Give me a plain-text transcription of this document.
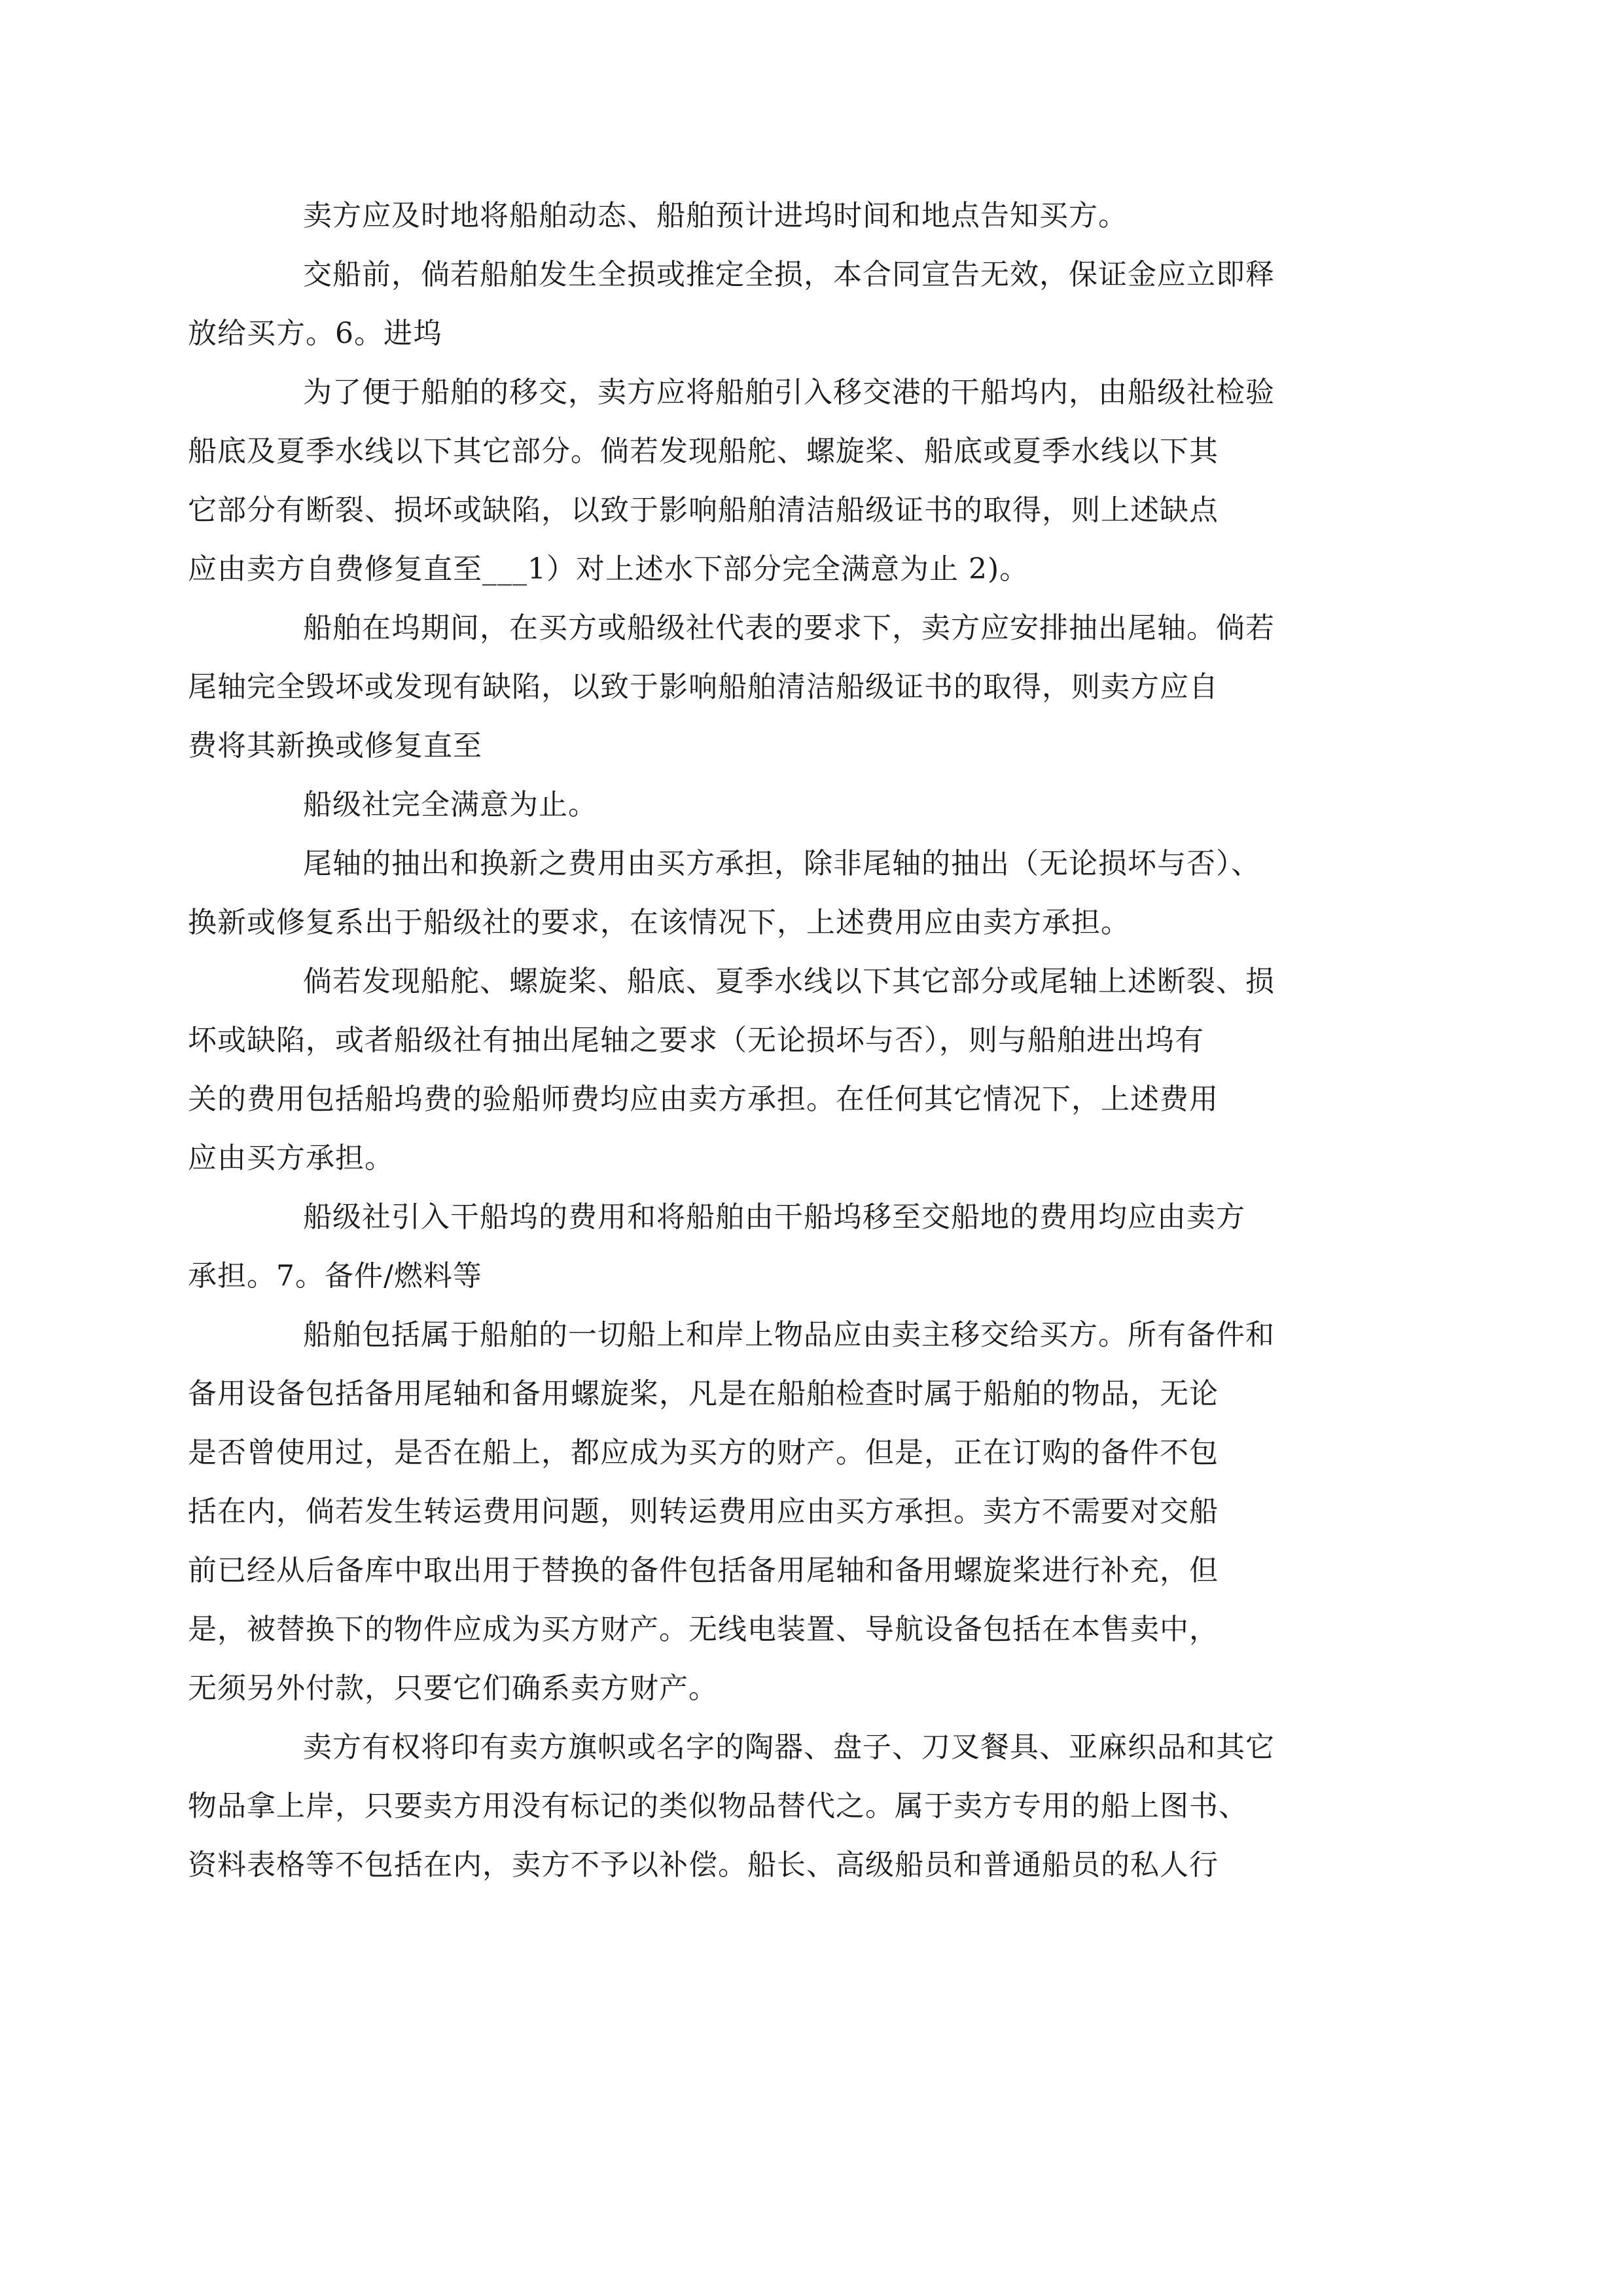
卖方应及时地将船舶动态、船舶预计进坞时间和地点告知买方。

交船前，倘若船舶发生全损或推定全损，本合同宣告无效，保证金应立即释
放给买方。6。进坞

为了便于船舶的移交，卖方应将船舶引入移交港的干船坞内，由船级社检验
船底及夏季水线以下其它部分。倘若发现船舵、螺旋桨、船底或夏季水线以下其
它部分有断裂、损坏或缺陷，以致于影响船舶清洁船级证书的取得，则上述缺点
应由卖方自费修复直至___1）对上述水下部分完全满意为止 2)。

船舶在坞期间，在买方或船级社代表的要求下，卖方应安排抽出尾轴。倘若
尾轴完全毁坏或发现有缺陷，以致于影响船舶清洁船级证书的取得，则卖方应自
费将其新换或修复直至

船级社完全满意为止。

尾轴的抽出和换新之费用由买方承担，除非尾轴的抽出（无论损坏与否）、
换新或修复系出于船级社的要求，在该情况下，上述费用应由卖方承担。

倘若发现船舵、螺旋桨、船底、夏季水线以下其它部分或尾轴上述断裂、损
坏或缺陷，或者船级社有抽出尾轴之要求（无论损坏与否），则与船舶进出坞有
关的费用包括船坞费的验船师费均应由卖方承担。在任何其它情况下，上述费用
应由买方承担。

船级社引入干船坞的费用和将船舶由干船坞移至交船地的费用均应由卖方
承担。7。备件/燃料等

船舶包括属于船舶的一切船上和岸上物品应由卖主移交给买方。所有备件和
备用设备包括备用尾轴和备用螺旋桨，凡是在船舶检查时属于船舶的物品，无论
是否曾使用过，是否在船上，都应成为买方的财产。但是，正在订购的备件不包
括在内，倘若发生转运费用问题，则转运费用应由买方承担。卖方不需要对交船
前已经从后备库中取出用于替换的备件包括备用尾轴和备用螺旋桨进行补充，但
是，被替换下的物件应成为买方财产。无线电装置、导航设备包括在本售卖中，
无须另外付款，只要它们确系卖方财产。

卖方有权将印有卖方旗帜或名字的陶器、盘子、刀叉餐具、亚麻织品和其它
物品拿上岸，只要卖方用没有标记的类似物品替代之。属于卖方专用的船上图书、
资料表格等不包括在内，卖方不予以补偿。船长、高级船员和普通船员的私人行
